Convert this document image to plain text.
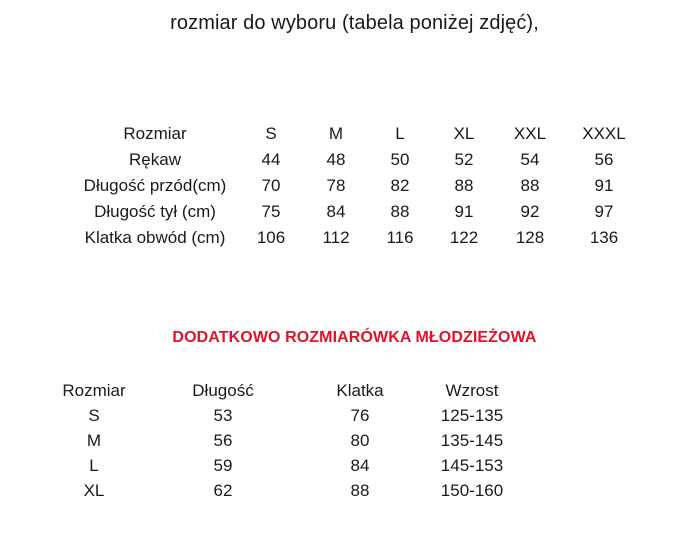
rozmiar do wyboru (tabela poniżej zdjęć),
Rozmiar	S	M	L	XL	XXL	XXXL
Rękaw	44	48	50	52	54	56
Długość przód(cm)	70	78	82	88	88	91
Długość tył (cm)	75	84	88	91	92	97
Klatka obwód (cm)	106	112	116	122	128	136
DODATKOWO ROZMIARÓWKA MŁODZIEŻOWA
Rozmiar	Długość	Klatka	Wzrost
S	53	76	125-135
M	56	80	135-145
L	59	84	145-153
XL	62	88	150-160
